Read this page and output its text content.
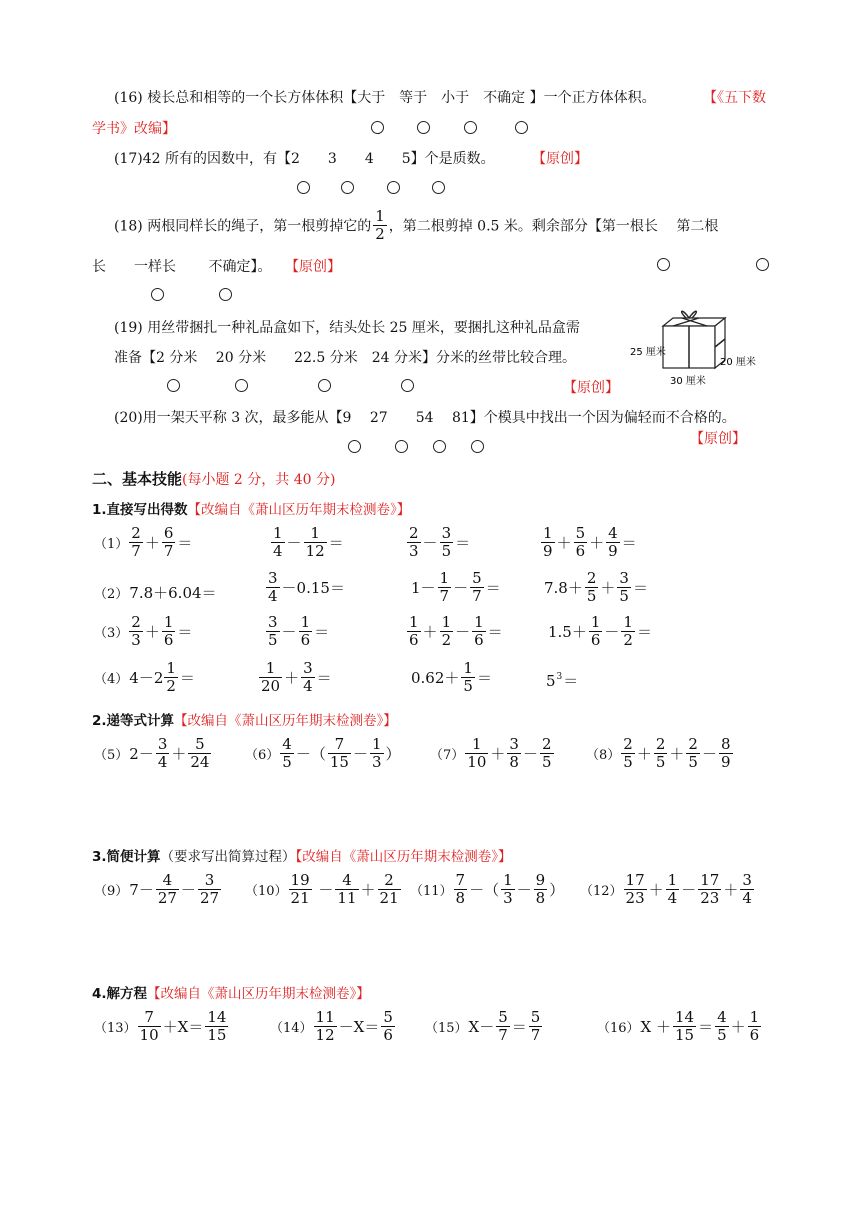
(16) 棱长总和相等的一个长方体体积【大于　等于　小于　不确定 】一个正方体体积。	【《五下数
学书》改编】
(17)42 所有的因数中，有【2　　3　　4　　5】个是质数。	【原创】
(18) 两根同样长的绳子，第一根剪掉它的 $\frac{1}{2}$ ，第二根剪掉 0.5 米。剩余部分【第一根长　 第二根
长　　一样长　　 不确定】。 【原创】
(19) 用丝带捆扎一种礼品盒如下，结头处长 25 厘米，要捆扎这种礼品盒需
准备【2 分米　 20 分米　　22.5 分米　24 分米】分米的丝带比较合理。
【原创】
25 厘米
20 厘米
30 厘米
(20)用一架天平称 3 次，最多能从【9　 27　　54　 81】个模具中找出一个因为偏轻而不合格的。
【原创】
二、基本技能(每小题 2 分，共 40 分)
1.直接写出得数【改编自《萧山区历年期末检测卷》】
$(1) \frac{2}{7} + \frac{6}{7}$ ＝	$\frac{1}{4} - \frac{1}{12}$ ＝	$\frac{2}{3} - \frac{3}{5}$ ＝	$\frac{1}{9} + \frac{5}{6} + \frac{4}{9}$ ＝
（2）7.8＋6.04＝	$\frac{3}{4} -0.15=$	$1- \frac{1}{7} - \frac{5}{7}$ ＝	$7.8+ \frac{2}{5} + \frac{3}{5}$ ＝
$(3) \frac{2}{3} + \frac{1}{6}$ ＝	$\frac{3}{5} - \frac{1}{6}$ ＝	$\frac{1}{6} + \frac{1}{2} - \frac{1}{6}$ ＝	$1.5+ \frac{1}{6} - \frac{1}{2}$ ＝
$(4)4-2 \frac{1}{2}$ ＝	$\frac{1}{20} + \frac{3}{4}$ ＝	$0.62+ \frac{1}{5}$ ＝	$5^3=$
2.递等式计算【改编自《萧山区历年期末检测卷》】
$(5)2- \frac{3}{4} + \frac{5}{24}$	$(6) \frac{4}{5}$ －（ $\frac{7}{15} - \frac{1}{3}$ ） $(7) \frac{1}{10} + \frac{3}{8} - \frac{2}{5}$	$(8) \frac{2}{5} + \frac{2}{5} + \frac{2}{5} - \frac{8}{9}$
3.简便计算（要求写出简算过程）【改编自《萧山区历年期末检测卷》】
$(9)7- \frac{4}{27} - \frac{3}{27} (10) \frac{19}{21} - \frac{4}{11} + \frac{2}{21} (11) \frac{7}{8}$ －（ $\frac{1}{3} - \frac{9}{8}$ ） $(12) \frac{17}{23} + \frac{1}{4} - \frac{17}{23} + \frac{3}{4}$
4.解方程【改编自《萧山区历年期末检测卷》】
$(13) \frac{7}{10} +X= \frac{14}{15}$	$(14) \frac{11}{12} -X= \frac{5}{6} (15)X- \frac{5}{7} = \frac{5}{7}$	$(16)X + \frac{14}{15} = \frac{4}{5} + \frac{1}{6}$
